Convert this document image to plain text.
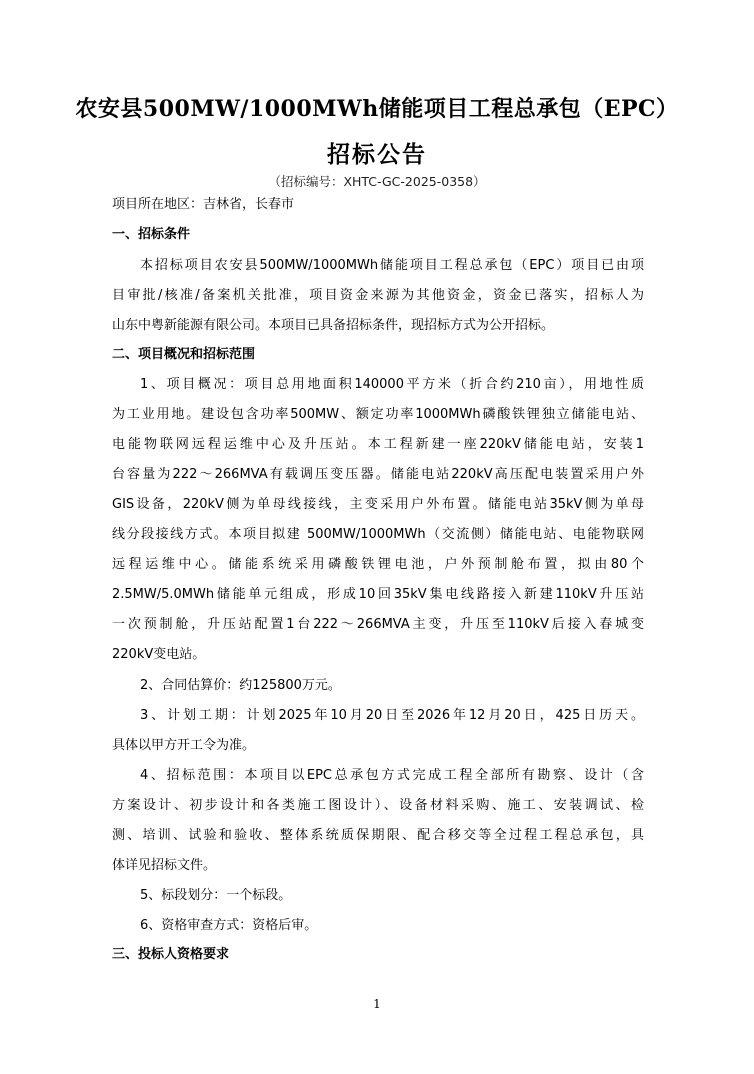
农安县500MW/1000MWh储能项目工程总承包（EPC）
招标公告
（招标编号：XHTC-GC-2025-0358）
项目所在地区：吉林省，长春市
一、招标条件
本招标项目农安县500MW/1000MWh储能项目工程总承包（EPC）项目已由项
目审批/核准/备案机关批准，项目资金来源为其他资金，资金已落实，招标人为
山东中粤新能源有限公司。本项目已具备招标条件，现招标方式为公开招标。
二、项目概况和招标范围
1、项目概况：项目总用地面积140000平方米（折合约210亩），用地性质
为工业用地。建设包含功率500MW、额定功率1000MWh磷酸铁锂独立储能电站、
电能物联网远程运维中心及升压站。本工程新建一座220kV储能电站，安装1
台容量为222～266MVA有载调压变压器。储能电站220kV高压配电装置采用户外
GIS设备，220kV侧为单母线接线，主变采用户外布置。储能电站35kV侧为单母
线分段接线方式。本项目拟建 500MW/1000MWh（交流侧）储能电站、电能物联网
远程运维中心。储能系统采用磷酸铁锂电池，户外预制舱布置，拟由80个
2.5MW/5.0MWh储能单元组成，形成10回35kV集电线路接入新建110kV升压站
一次预制舱，升压站配置1台222～266MVA主变，升压至110kV后接入春城变
220kV变电站。
2、合同估算价：约125800万元。
3、计划工期：计划2025年10月20日至2026年12月20日，425日历天。
具体以甲方开工令为准。
4、招标范围：本项目以EPC总承包方式完成工程全部所有勘察、设计（含
方案设计、初步设计和各类施工图设计）、设备材料采购、施工、安装调试、检
测、培训、试验和验收、整体系统质保期限、配合移交等全过程工程总承包，具
体详见招标文件。
5、标段划分：一个标段。
6、资格审查方式：资格后审。
三、投标人资格要求
1
